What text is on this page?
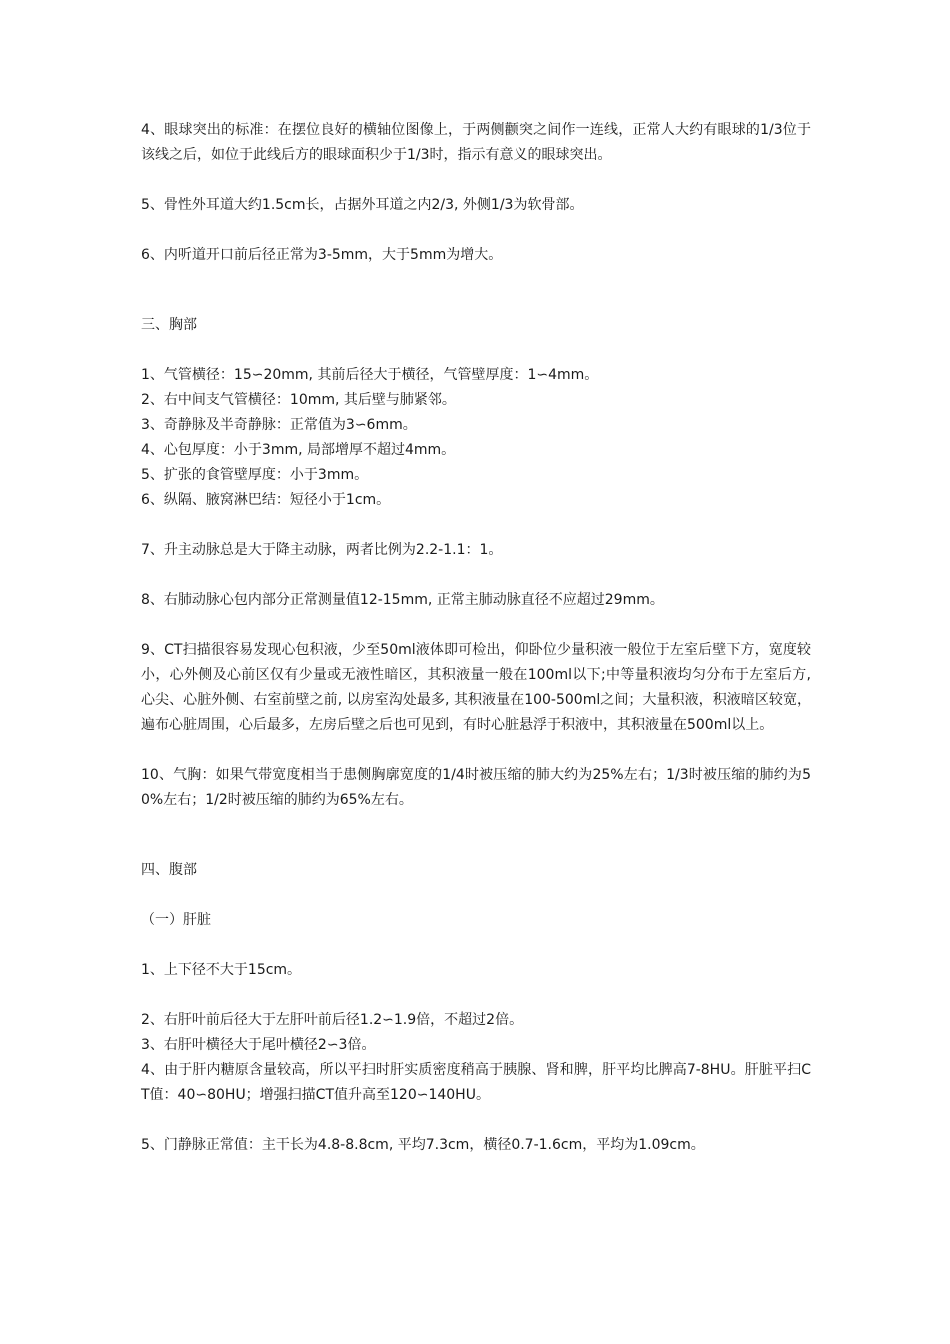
4、眼球突出的标准：在摆位良好的横轴位图像上，于两侧颧突之间作一连线，正常人大约有眼球的1/3位于该线之后，如位于此线后方的眼球面积少于1/3时，指示有意义的眼球突出。
5、骨性外耳道大约1.5cm长，占据外耳道之内2/3, 外侧1/3为软骨部。
6、内听道开口前后径正常为3-5mm，大于5mm为增大。
三、胸部
1、气管横径：15∽20mm, 其前后径大于横径，气管壁厚度：1∽4mm。
2、右中间支气管横径：10mm, 其后壁与肺紧邻。
3、奇静脉及半奇静脉：正常值为3∽6mm。
4、心包厚度：小于3mm, 局部增厚不超过4mm。
5、扩张的食管壁厚度：小于3mm。
6、纵隔、腋窝淋巴结：短径小于1cm。
7、升主动脉总是大于降主动脉，两者比例为2.2-1.1：1。
8、右肺动脉心包内部分正常测量值12-15mm, 正常主肺动脉直径不应超过29mm。
9、CT扫描很容易发现心包积液，少至50ml液体即可检出，仰卧位少量积液一般位于左室后壁下方，宽度较小，心外侧及心前区仅有少量或无液性暗区，其积液量一般在100ml以下;中等量积液均匀分布于左室后方, 心尖、心脏外侧、右室前壁之前, 以房室沟处最多, 其积液量在100-500ml之间；大量积液，积液暗区较宽，遍布心脏周围，心后最多，左房后壁之后也可见到，有时心脏悬浮于积液中，其积液量在500ml以上。
10、气胸：如果气带宽度相当于患侧胸廓宽度的1/4时被压缩的肺大约为25%左右；1/3时被压缩的肺约为50%左右；1/2时被压缩的肺约为65%左右。
四、腹部
（一）肝脏
1、上下径不大于15cm。
2、右肝叶前后径大于左肝叶前后径1.2∽1.9倍，不超过2倍。
3、右肝叶横径大于尾叶横径2∽3倍。
4、由于肝内糖原含量较高，所以平扫时肝实质密度稍高于胰腺、肾和脾，肝平均比脾高7-8HU。肝脏平扫CT值：40∽80HU；增强扫描CT值升高至120∽140HU。
5、门静脉正常值：主干长为4.8-8.8cm, 平均7.3cm，横径0.7-1.6cm，平均为1.09cm。
